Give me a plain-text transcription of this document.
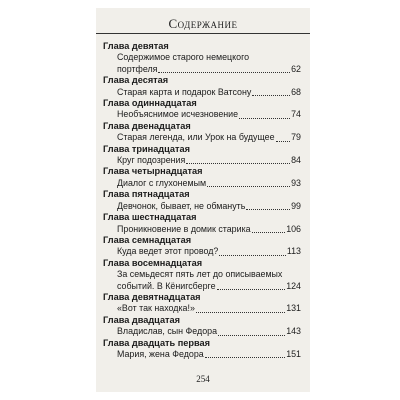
Содержание
Глава девятая
Содержимое старого немецкого
портфеля	62
Глава десятая
Старая карта и подарок Ватсону	68
Глава одиннадцатая
Необъяснимое исчезновение	74
Глава двенадцатая
Старая легенда, или Урок на будущее 79
Глава тринадцатая
Круг подозрения	84
Глава четырнадцатая
Диалог с глухонемым	93
Глава пятнадцатая
Девчонок, бывает, не обмануть	99
Глава шестнадцатая
Проникновение в домик старика	106
Глава семнадцатая
Куда ведет этот провод?	113
Глава восемнадцатая
За семьдесят пять лет до описываемых
событий. В Кёнигсберге	124
Глава девятнадцатая
«Вот так находка!»	131
Глава двадцатая
Владислав, сын Федора	143
Глава двадцать первая
Мария, жена Федора	151
254
